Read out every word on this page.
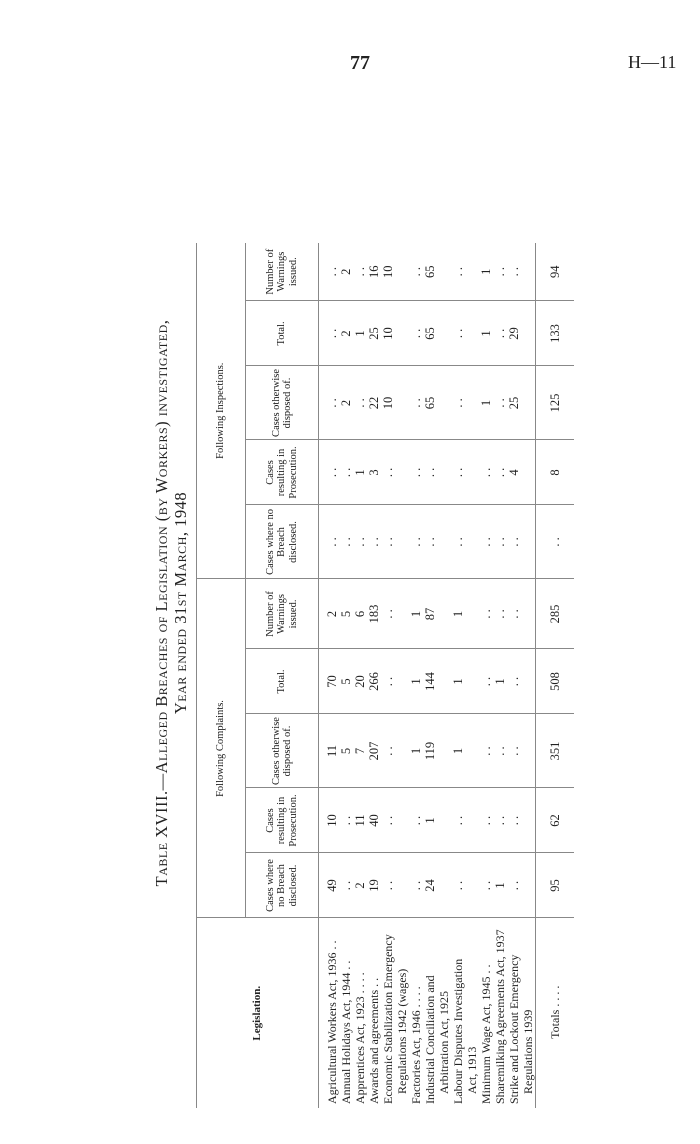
77	H—11
Table XVIII.—Alleged Breaches of Legislation (by Workers) investigated, Year ended 31st March, 1948
Legislation.	Following Complaints.					Following Inspections.				
	Cases where no Breach disclosed.	Cases resulting in Prosecution.	Cases otherwise disposed of.	Total.	Number of Warnings issued.	Cases where no Breach disclosed.	Cases resulting in Prosecution.	Cases otherwise disposed of.	Total.	Number of Warnings issued.
Agricultural Workers Act, 1936 . .	49	10	11	70	2	. .	. .	. .	. .	. .
Annual Holidays Act, 1944 . .	. .	. .	5	5	5	. .	. .	2	2	2
Apprentices Act, 1923 . . . .	2	11	7	20	6	. .	1	. .	1	. .
Awards and agreements . .	19	40	207	266	183	. .	3	22	25	16
Economic Stabilization Emergency	. .	. .	. .	. .	. .	. .	. .	10	10	10
Regulations 1942 (wages)										
Factories Act, 1946 . . . .	. .	. .	1	1	1	. .	. .	. .	. .	. .
Industrial Conciliation and	24	1	119	144	87	. .	. .	65	65	65
Arbitration Act, 1925										
Labour Disputes Investigation	. .	. .	1	1	1	. .	. .	. .	. .	. .
Act, 1913										
Minimum Wage Act, 1945 . .	. .	. .	. .	. .	. .	. .	. .	1	1	1
Sharemilking Agreements Act, 1937	1	. .	. .	1	. .	. .	. .	. .	. .	. .
Strike and Lockout Emergency	. .	. .	. .	. .	. .	. .	4	25	29	. .
Regulations 1939										
Totals . . . .	95	62	351	508	285	. .	8	125	133	94
